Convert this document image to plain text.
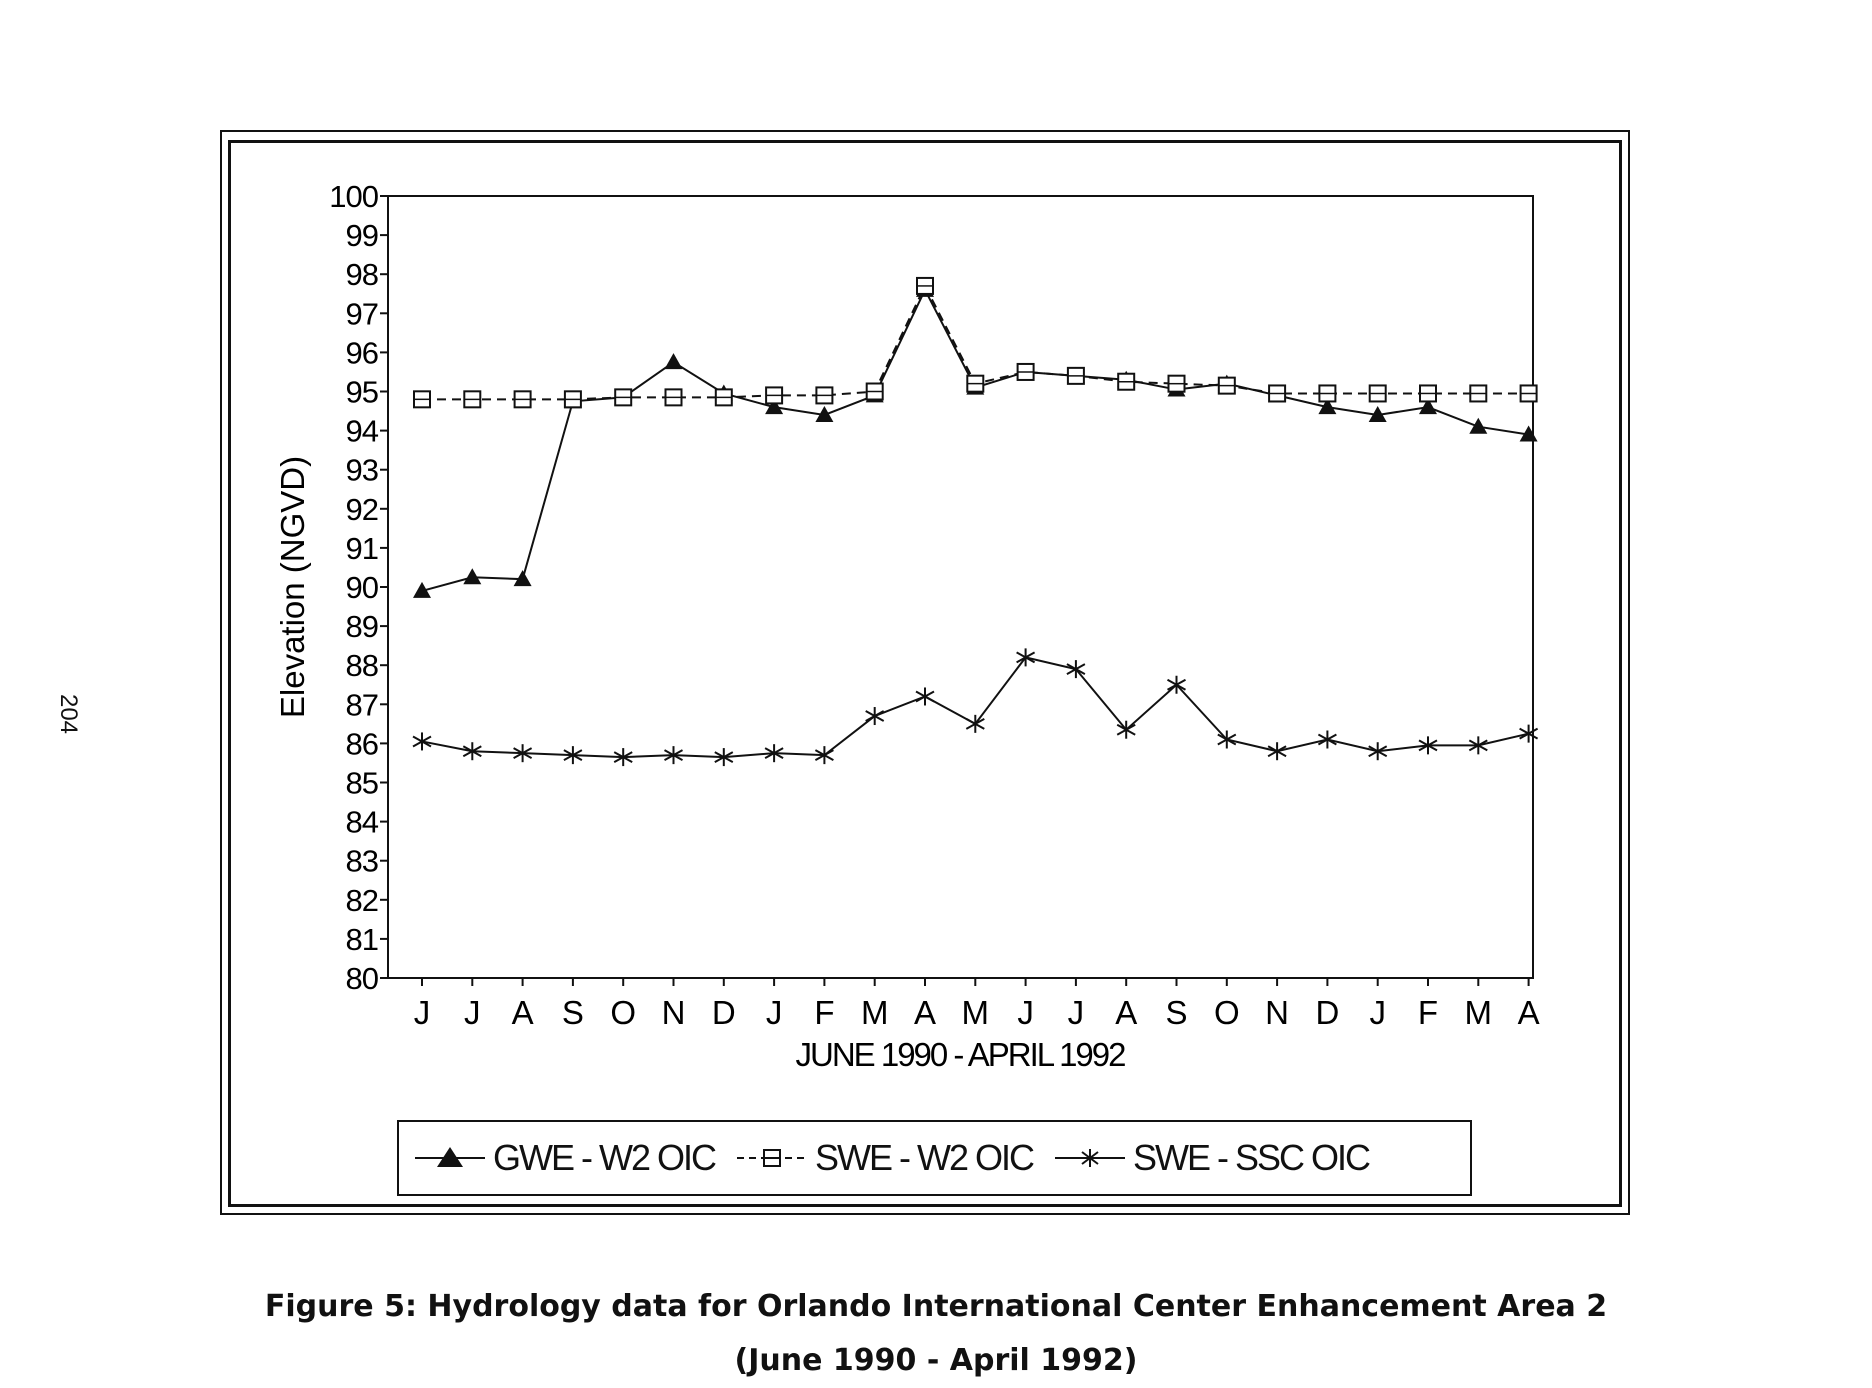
204
80
81
82
83
84
85
86
87
88
89
90
91
92
93
94
95
96
97
98
99
100
J J A S O N D J F M A M J J A S O N D J F M A
Elevation (NGVD)
JUNE 1990 - APRIL 1992
GWE - W2 OIC	SWE - W2 OIC	SWE - SSC OIC
Figure 5: Hydrology data for Orlando International Center Enhancement Area 2
(June 1990 - April 1992)
